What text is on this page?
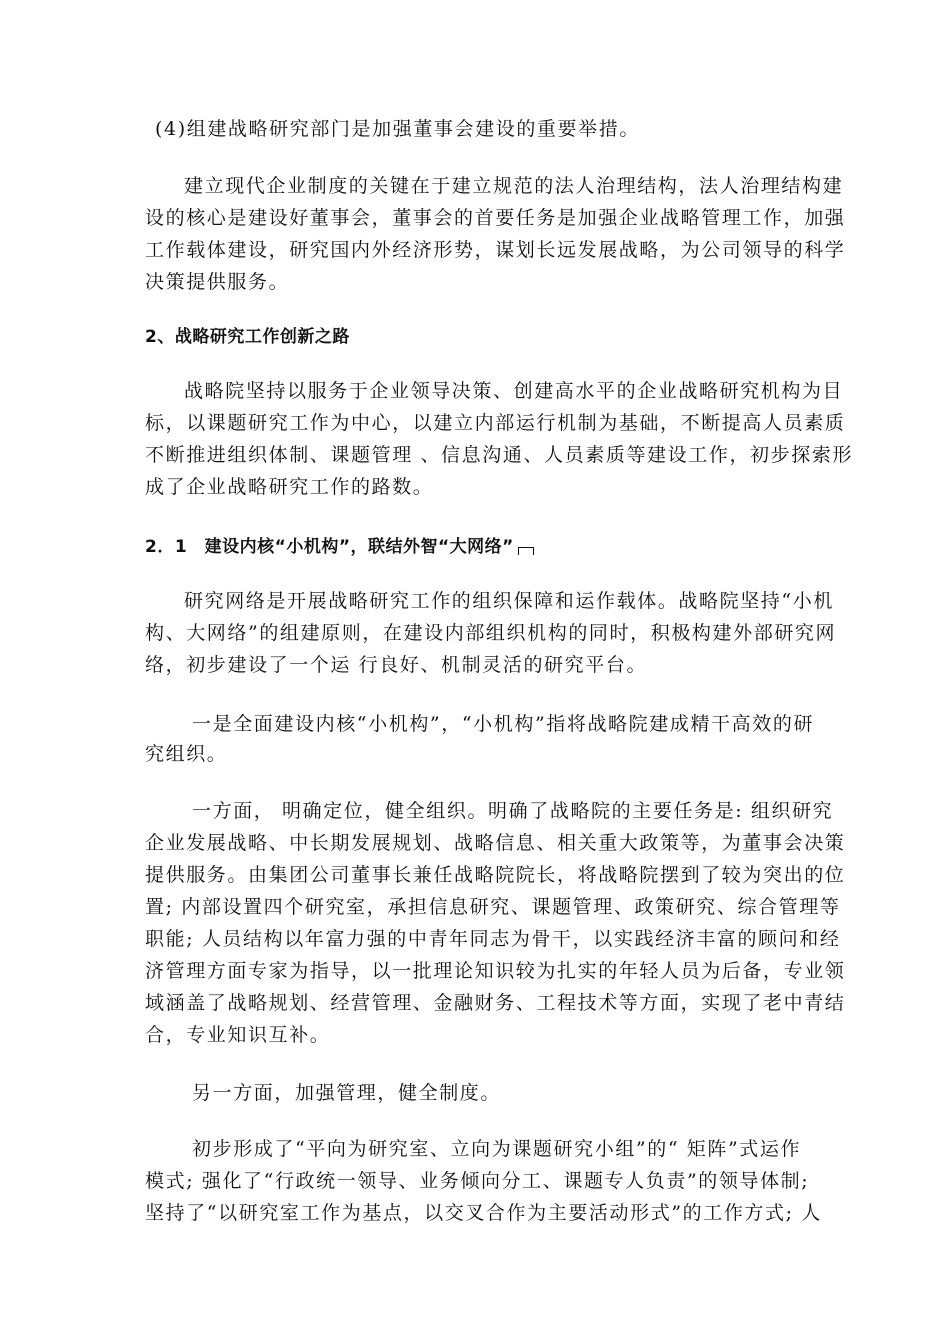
(4)组建战略研究部门是加强董事会建设的重要举措。
建立现代企业制度的关键在于建立规范的法人治理结构，法人治理结构建
设的核心是建设好董事会，董事会的首要任务是加强企业战略管理工作，加强
工作载体建设，研究国内外经济形势，谋划长远发展战略，为公司领导的科学
决策提供服务。
2、战略研究工作创新之路
战略院坚持以服务于企业领导决策、创建高水平的企业战略研究机构为目
标，以课题研究工作为中心，以建立内部运行机制为基础，不断提高人员素质
不断推进组织体制、课题管理 、信息沟通、人员素质等建设工作，初步探索形
成了企业战略研究工作的路数。
2．1　建设内核“小机构”，联结外智“大网络”
研究网络是开展战略研究工作的组织保障和运作载体。战略院坚持“小机
构、大网络”的组建原则，在建设内部组织机构的同时，积极构建外部研究网
络，初步建设了一个运 行良好、机制灵活的研究平台。
一是全面建设内核“小机构”，“小机构”指将战略院建成精干高效的研
究组织。
一方面， 明确定位，健全组织。明确了战略院的主要任务是: 组织研究
企业发展战略、中长期发展规划、战略信息、相关重大政策等，为董事会决策
提供服务。由集团公司董事长兼任战略院院长，将战略院摆到了较为突出的位
置; 内部设置四个研究室，承担信息研究、课题管理、政策研究、综合管理等
职能; 人员结构以年富力强的中青年同志为骨干，以实践经济丰富的顾问和经
济管理方面专家为指导，以一批理论知识较为扎实的年轻人员为后备，专业领
域涵盖了战略规划、经营管理、金融财务、工程技术等方面，实现了老中青结
合，专业知识互补。
另一方面，加强管理，健全制度。
初步形成了“平向为研究室、立向为课题研究小组”的“ 矩阵”式运作
模式; 强化了“行政统一领导、业务倾向分工、课题专人负责”的领导体制;
坚持了“以研究室工作为基点，以交叉合作为主要活动形式”的工作方式; 人
